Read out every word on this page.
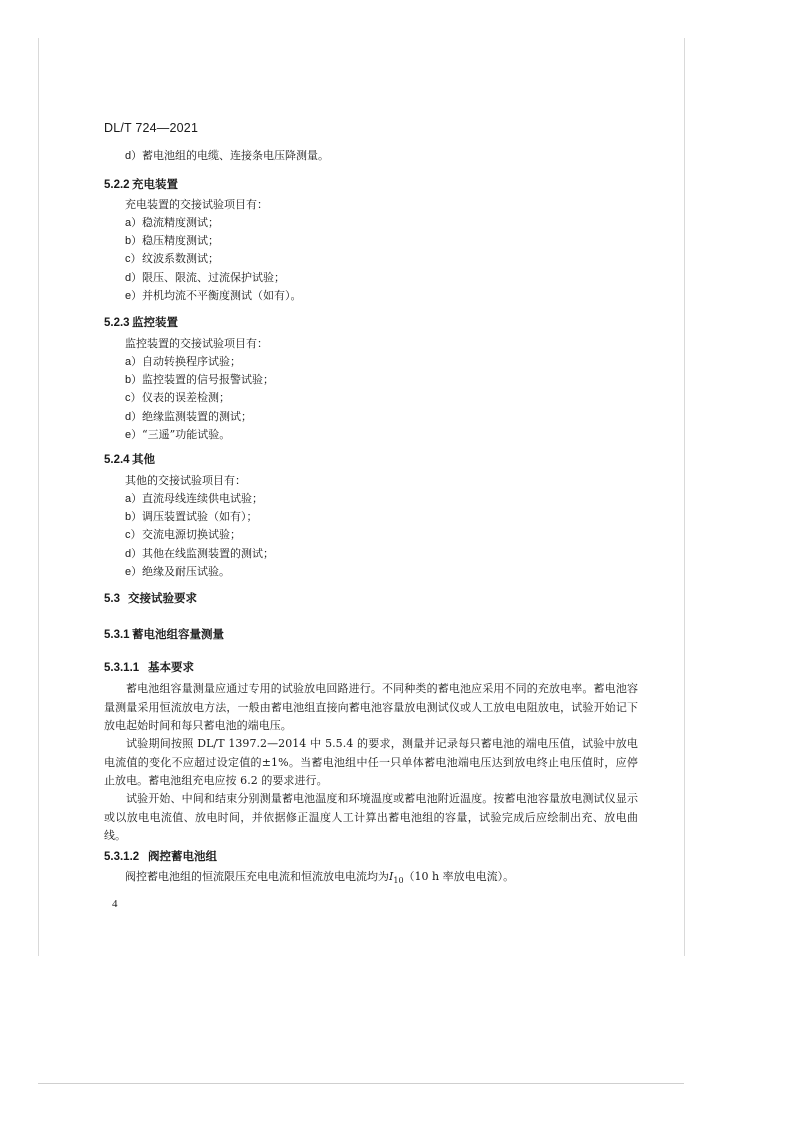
DL/T 724—2021
d）蓄电池组的电缆、连接条电压降测量。
5.2.2 充电装置
充电装置的交接试验项目有：
a）稳流精度测试；
b）稳压精度测试；
c）纹波系数测试；
d）限压、限流、过流保护试验；
e）并机均流不平衡度测试（如有）。
5.2.3 监控装置
监控装置的交接试验项目有：
a）自动转换程序试验；
b）监控装置的信号报警试验；
c）仪表的误差检测；
d）绝缘监测装置的测试；
e）“三遥”功能试验。
5.2.4 其他
其他的交接试验项目有：
a）直流母线连续供电试验；
b）调压装置试验（如有）；
c）交流电源切换试验；
d）其他在线监测装置的测试；
e）绝缘及耐压试验。
5.3 交接试验要求
5.3.1 蓄电池组容量测量
5.3.1.1 基本要求
蓄电池组容量测量应通过专用的试验放电回路进行。不同种类的蓄电池应采用不同的充放电率。蓄电池容量测量采用恒流放电方法，一般由蓄电池组直接向蓄电池容量放电测试仪或人工放电电阻放电，试验开始记下放电起始时间和每只蓄电池的端电压。
试验期间按照 DL/T 1397.2—2014 中 5.5.4 的要求，测量并记录每只蓄电池的端电压值，试验中放电电流值的变化不应超过设定值的±1%。当蓄电池组中任一只单体蓄电池端电压达到放电终止电压值时，应停止放电。蓄电池组充电应按 6.2 的要求进行。
试验开始、中间和结束分别测量蓄电池温度和环境温度或蓄电池附近温度。按蓄电池容量放电测试仪显示或以放电电流值、放电时间，并依据修正温度人工计算出蓄电池组的容量，试验完成后应绘制出充、放电曲线。
5.3.1.2 阀控蓄电池组
阀控蓄电池组的恒流限压充电电流和恒流放电电流均为$I_{10}(10$ h 率放电电流）。
4
